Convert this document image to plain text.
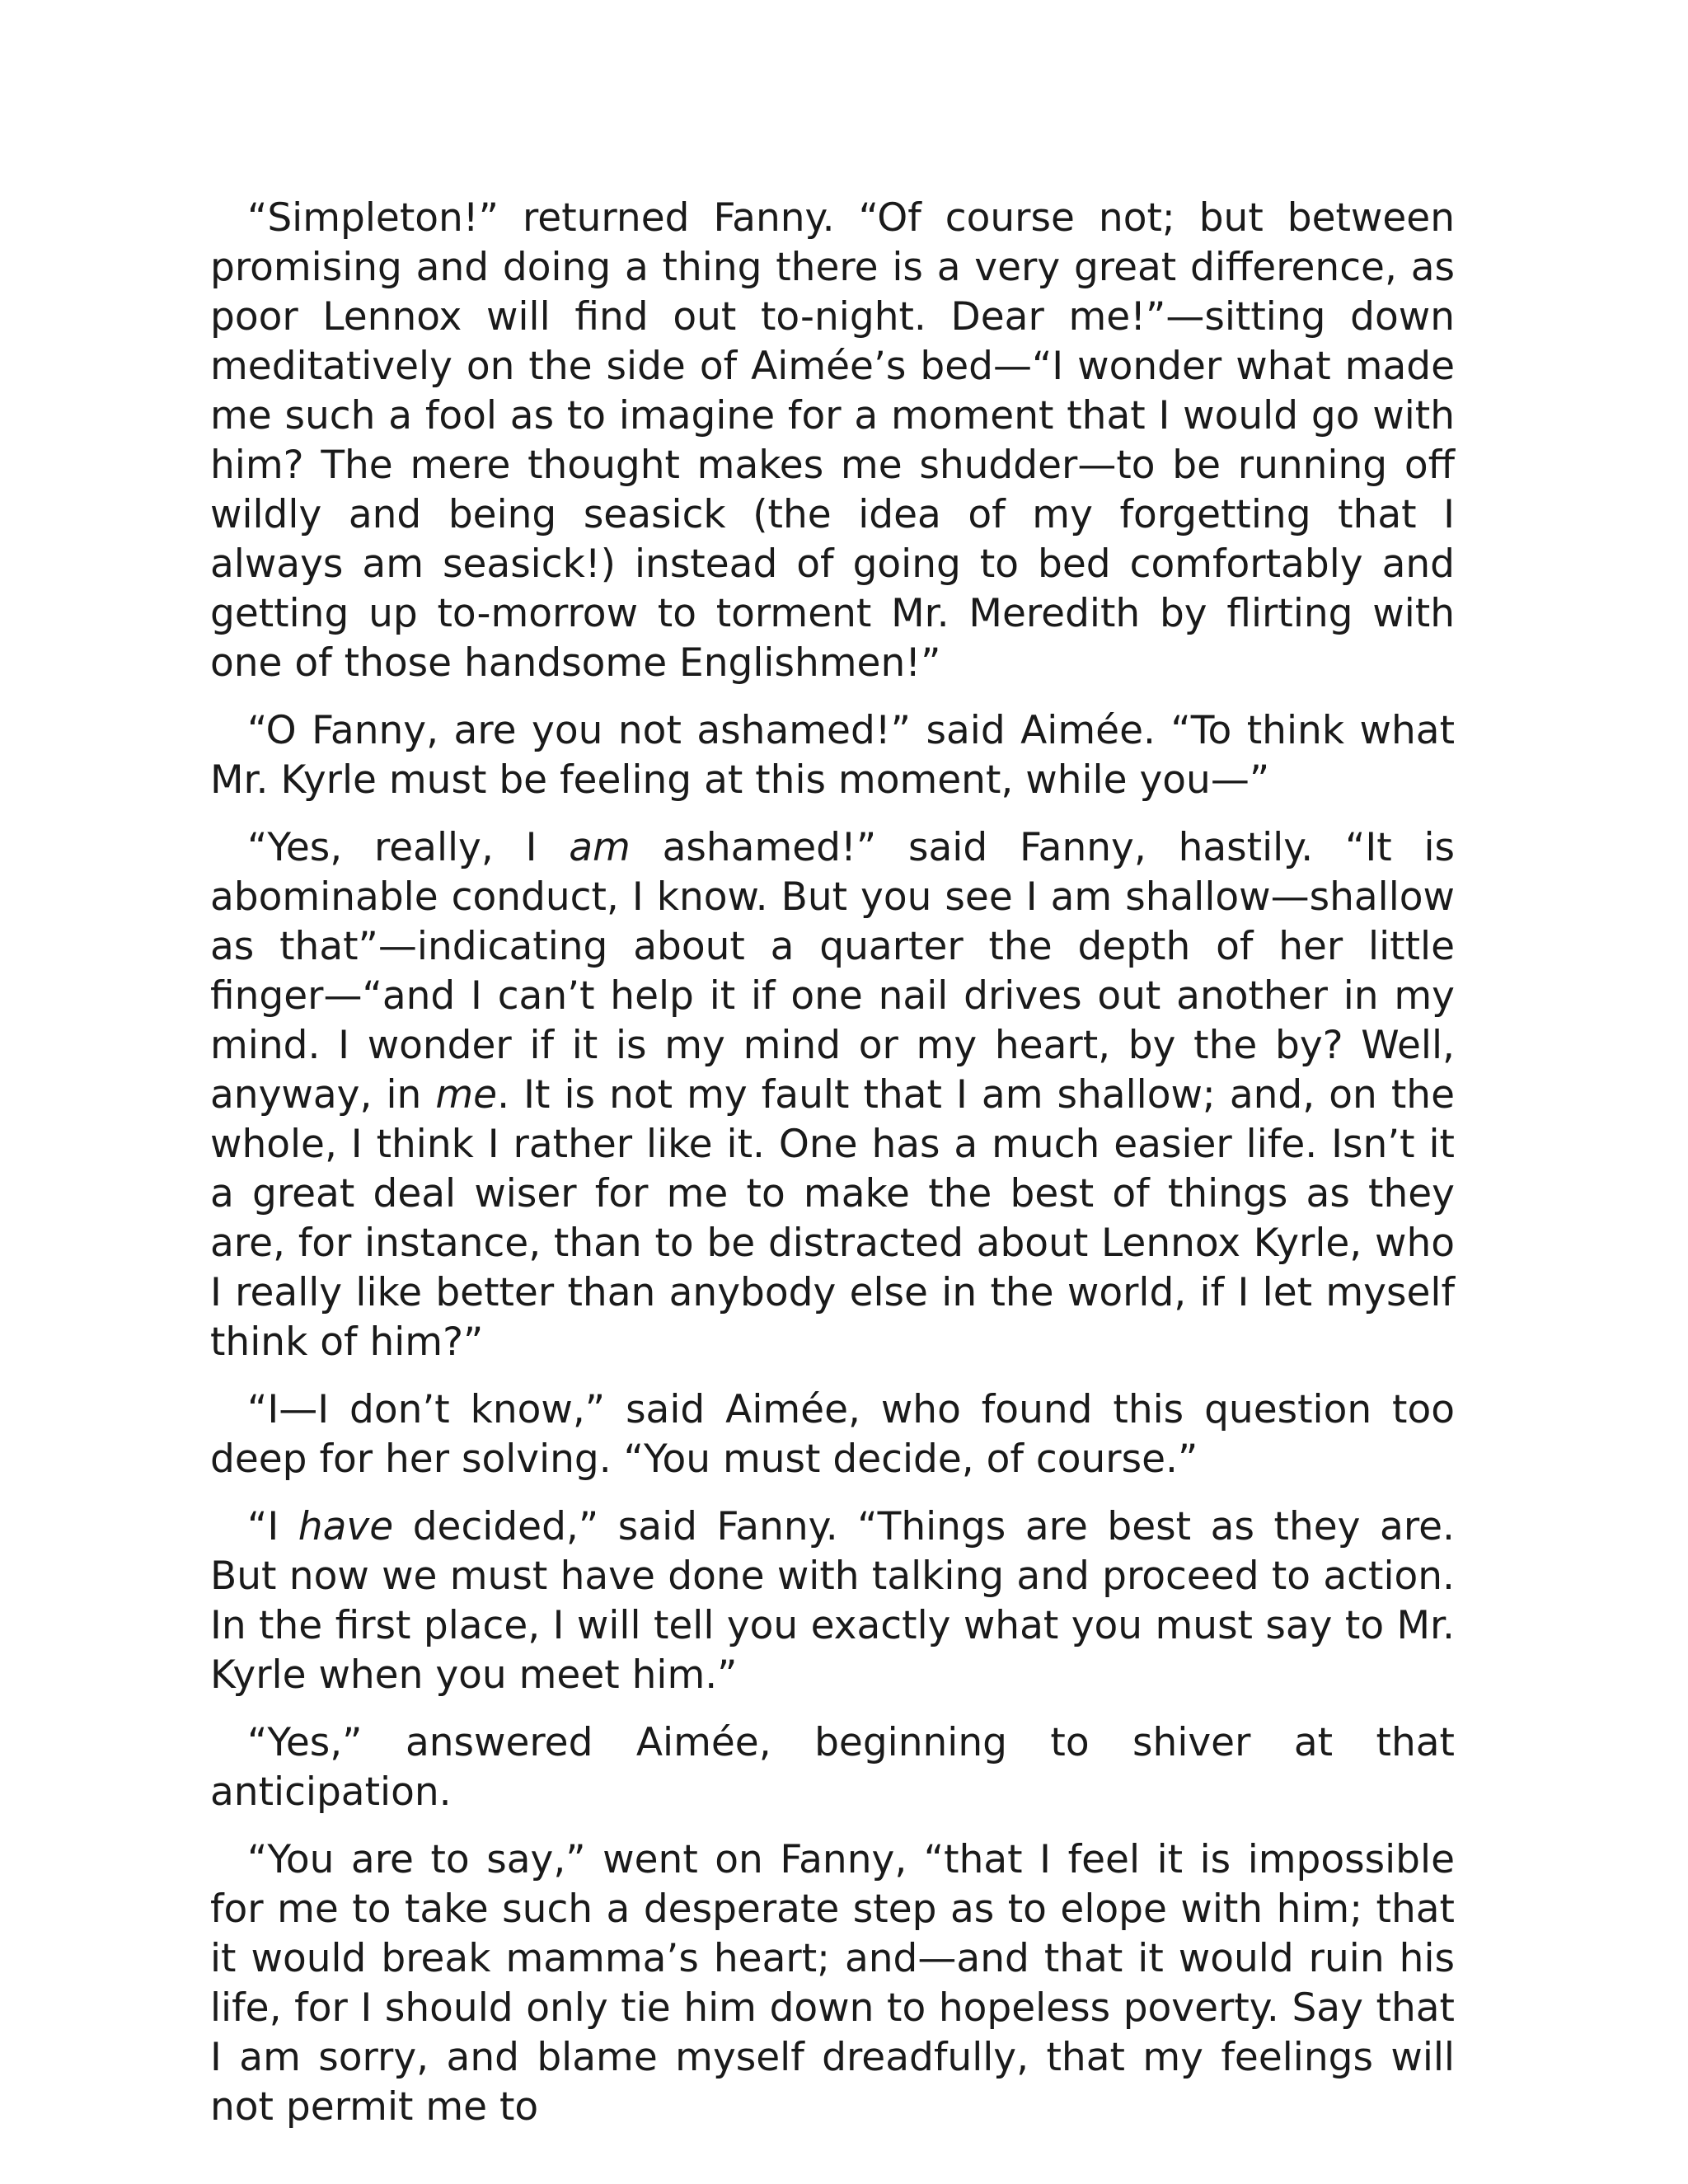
“Simpleton!” returned Fanny. “Of course not; but between promising and doing a thing there is a very great difference, as poor Lennox will find out to-night. Dear me!”—sitting down meditatively on the side of Aimée’s bed—“I wonder what made me such a fool as to imagine for a moment that I would go with him? The mere thought makes me shudder—to be running off wildly and being seasick (the idea of my forgetting that I always am seasick!) instead of going to bed comfortably and getting up to-morrow to torment Mr. Meredith by flirting with one of those handsome Englishmen!”

“O Fanny, are you not ashamed!” said Aimée. “To think what Mr. Kyrle must be feeling at this moment, while you—”

“Yes, really, I am ashamed!” said Fanny, hastily. “It is abominable conduct, I know. But you see I am shallow—shallow as that”—indicating about a quarter the depth of her little finger—“and I can’t help it if one nail drives out another in my mind. I wonder if it is my mind or my heart, by the by? Well, anyway, in me. It is not my fault that I am shallow; and, on the whole, I think I rather like it. One has a much easier life. Isn’t it a great deal wiser for me to make the best of things as they are, for instance, than to be distracted about Lennox Kyrle, who I really like better than anybody else in the world, if I let myself think of him?”

“I—I don’t know,” said Aimée, who found this question too deep for her solving. “You must decide, of course.”

“I have decided,” said Fanny. “Things are best as they are. But now we must have done with talking and proceed to action. In the first place, I will tell you exactly what you must say to Mr. Kyrle when you meet him.”

“Yes,” answered Aimée, beginning to shiver at that anticipation.

“You are to say,” went on Fanny, “that I feel it is impossible for me to take such a desperate step as to elope with him; that it would break mamma’s heart; and—and that it would ruin his life, for I should only tie him down to hopeless poverty. Say that I am sorry, and blame myself dreadfully, that my feelings will not permit me to
